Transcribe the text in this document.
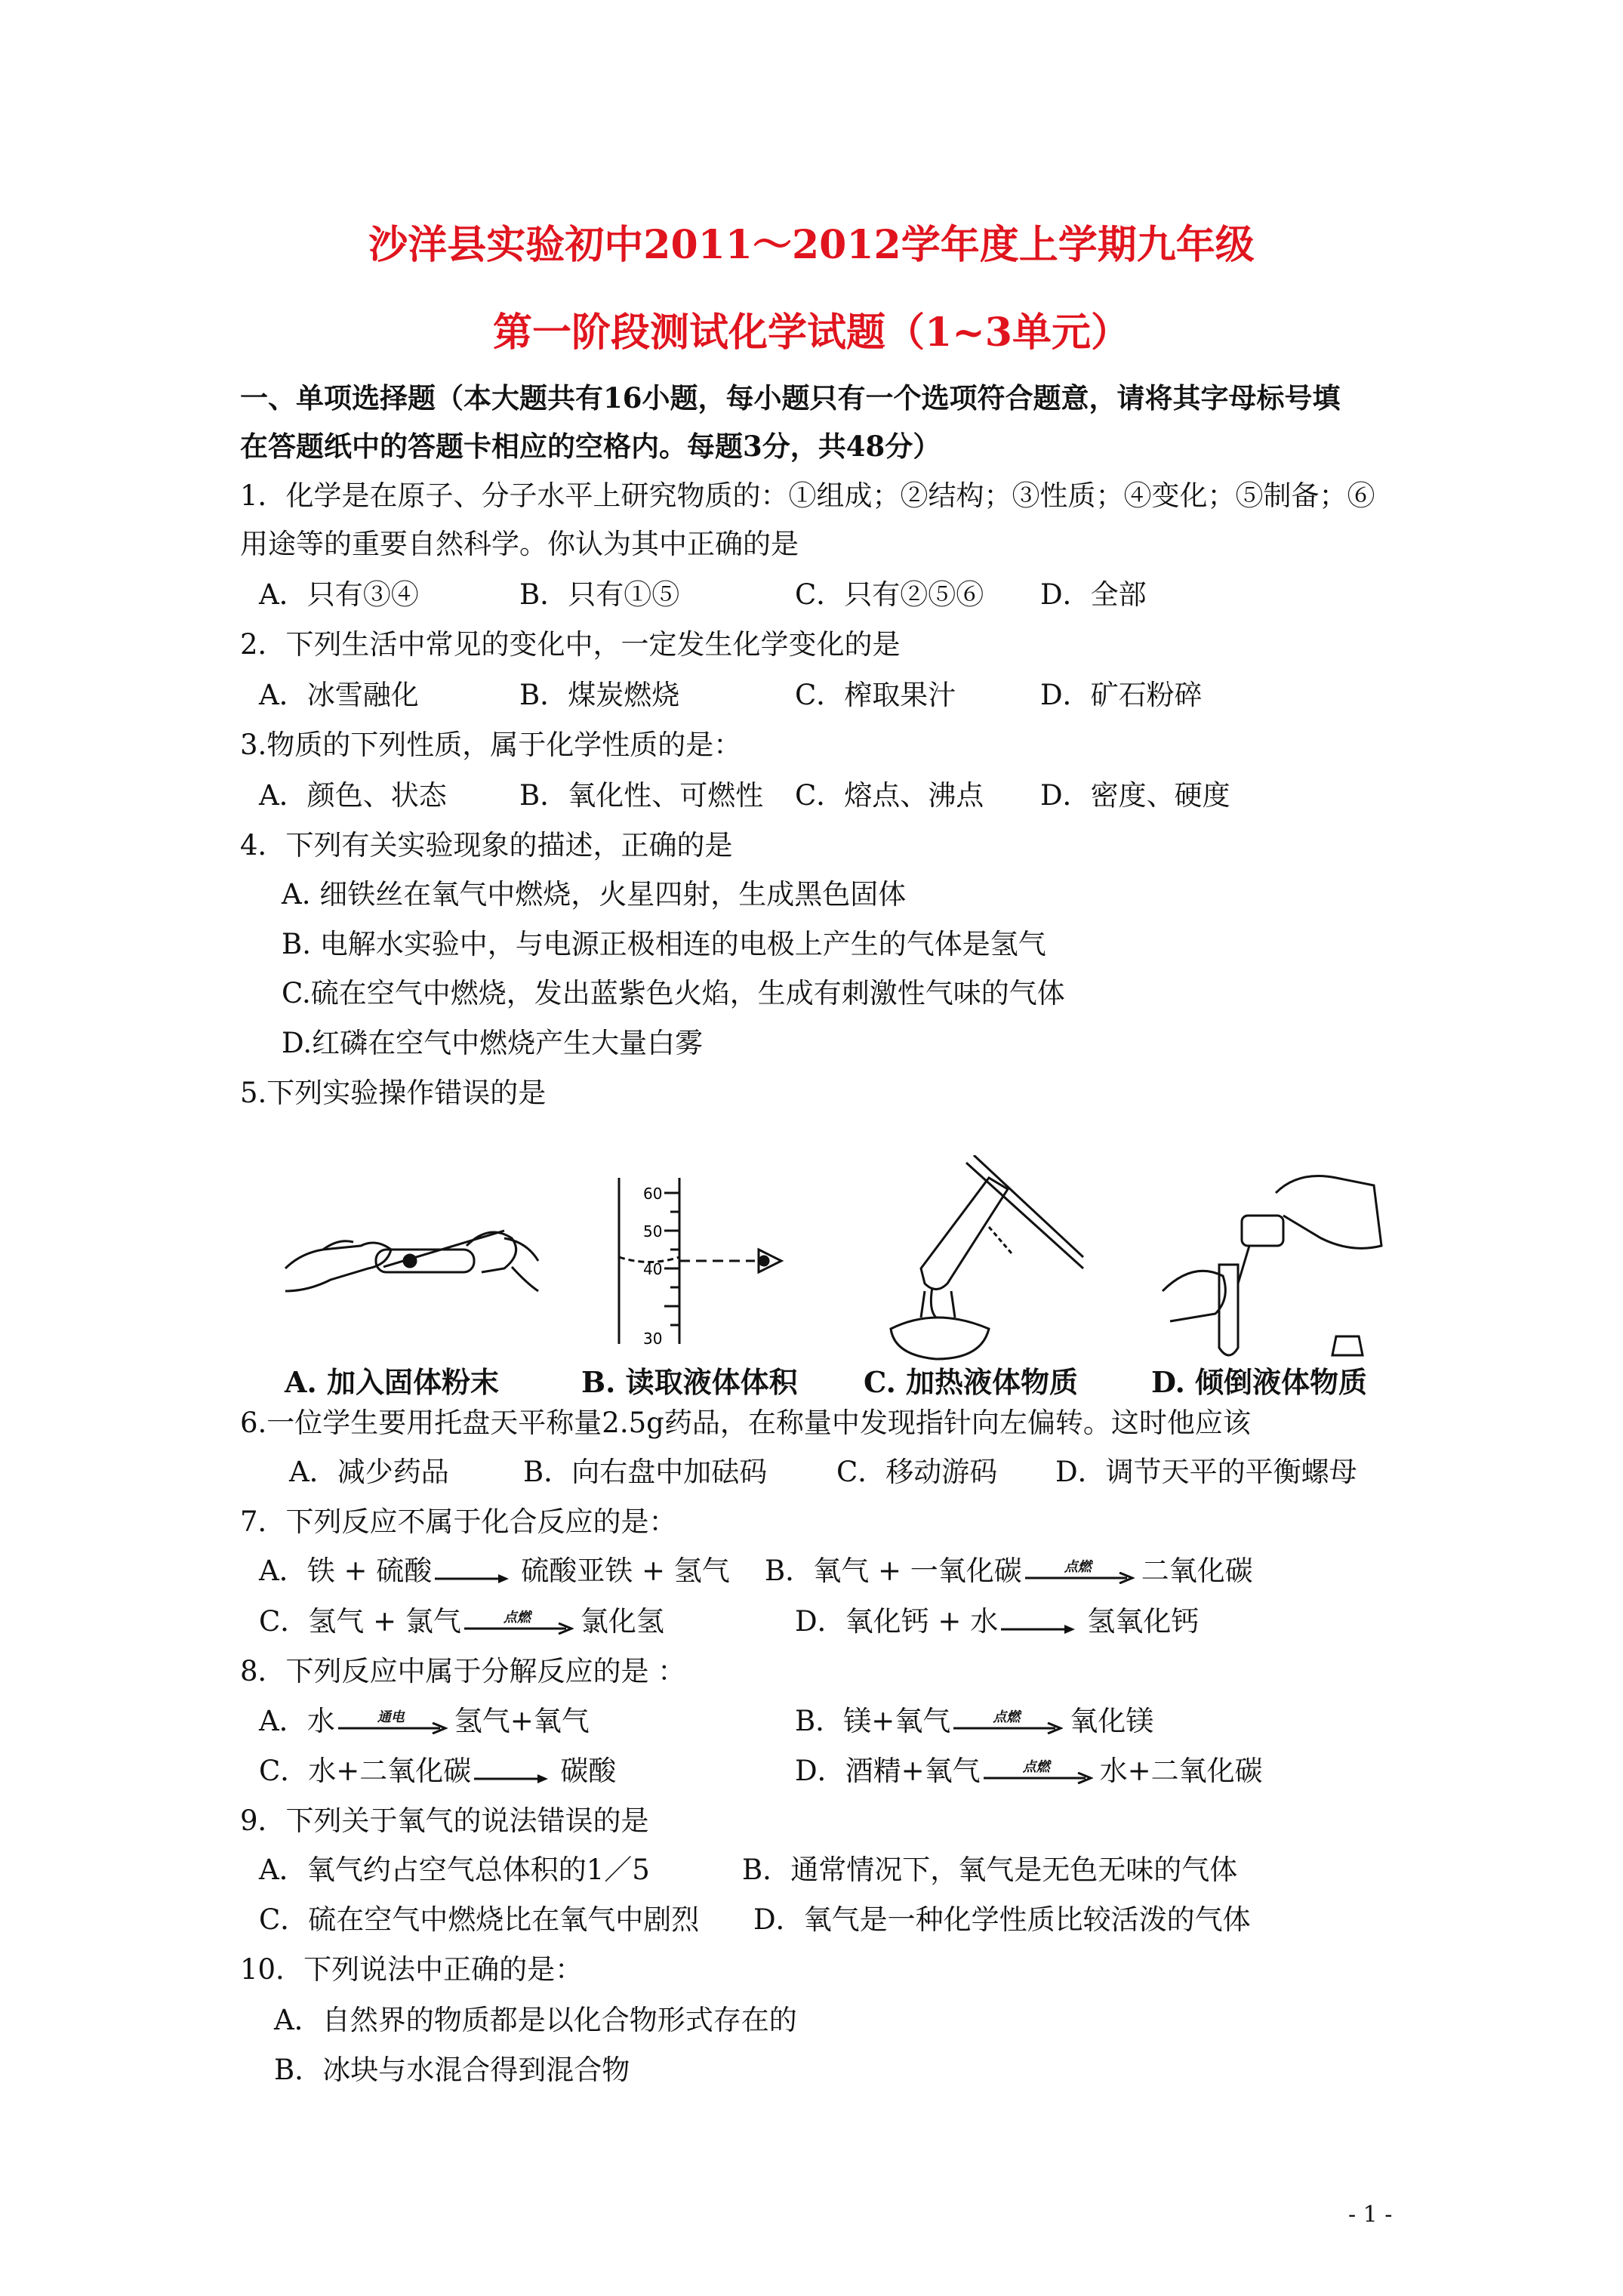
沙洋县实验初中2011～2012学年度上学期九年级
第一阶段测试化学试题（1~3单元）
一、单项选择题（本大题共有16小题，每小题只有一个选项符合题意，请将其字母标号填
在答题纸中的答题卡相应的空格内。每题3分，共48分）
1．化学是在原子、分子水平上研究物质的：①组成；②结构；③性质；④变化；⑤制备；⑥
用途等的重要自然科学。你认为其中正确的是
A．只有③④	B．只有①⑤	C．只有②⑤⑥ D．全部
2．下列生活中常见的变化中，一定发生化学变化的是
A．冰雪融化	B．煤炭燃烧	C．榨取果汁	D．矿石粉碎
3.物质的下列性质，属于化学性质的是：
A．颜色、状态	B．氧化性、可燃性 C．熔点、沸点 D．密度、硬度
4．下列有关实验现象的描述，正确的是
A. 细铁丝在氧气中燃烧，火星四射，生成黑色固体
B. 电解水实验中，与电源正极相连的电极上产生的气体是氢气
C.硫在空气中燃烧，发出蓝紫色火焰，生成有刺激性气味的气体
D.红磷在空气中燃烧产生大量白雾
5.下列实验操作错误的是
60
50
40
30
A. 加入固体粉末	B. 读取液体体积 C. 加热液体物质	D. 倾倒液体物质
6.一位学生要用托盘天平称量2.5g药品，在称量中发现指针向左偏转。这时他应该
A．减少药品	B．向右盘中加砝码 C．移动游码 D．调节天平的平衡螺母
7．下列反应不属于化合反应的是：
A．铁 + 硫酸	硫酸亚铁 + 氢气 B．氧气 + 一氧化碳	点燃	二氧化碳
C．氢气 + 氯气	点燃	氯化氢	D．氧化钙 + 水	氢氧化钙
8．下列反应中属于分解反应的是 ：
A．水	通电	氢气+氧气	B．镁+氧气	点燃	氧化镁
C．水+二氧化碳	碳酸	D．酒精+氧气	点燃	水+二氧化碳
9．下列关于氧气的说法错误的是
A．氧气约占空气总体积的1／5	B．通常情况下，氧气是无色无味的气体
C．硫在空气中燃烧比在氧气中剧烈 D．氧气是一种化学性质比较活泼的气体
10．下列说法中正确的是：
A．自然界的物质都是以化合物形式存在的
B．冰块与水混合得到混合物
- 1 -
